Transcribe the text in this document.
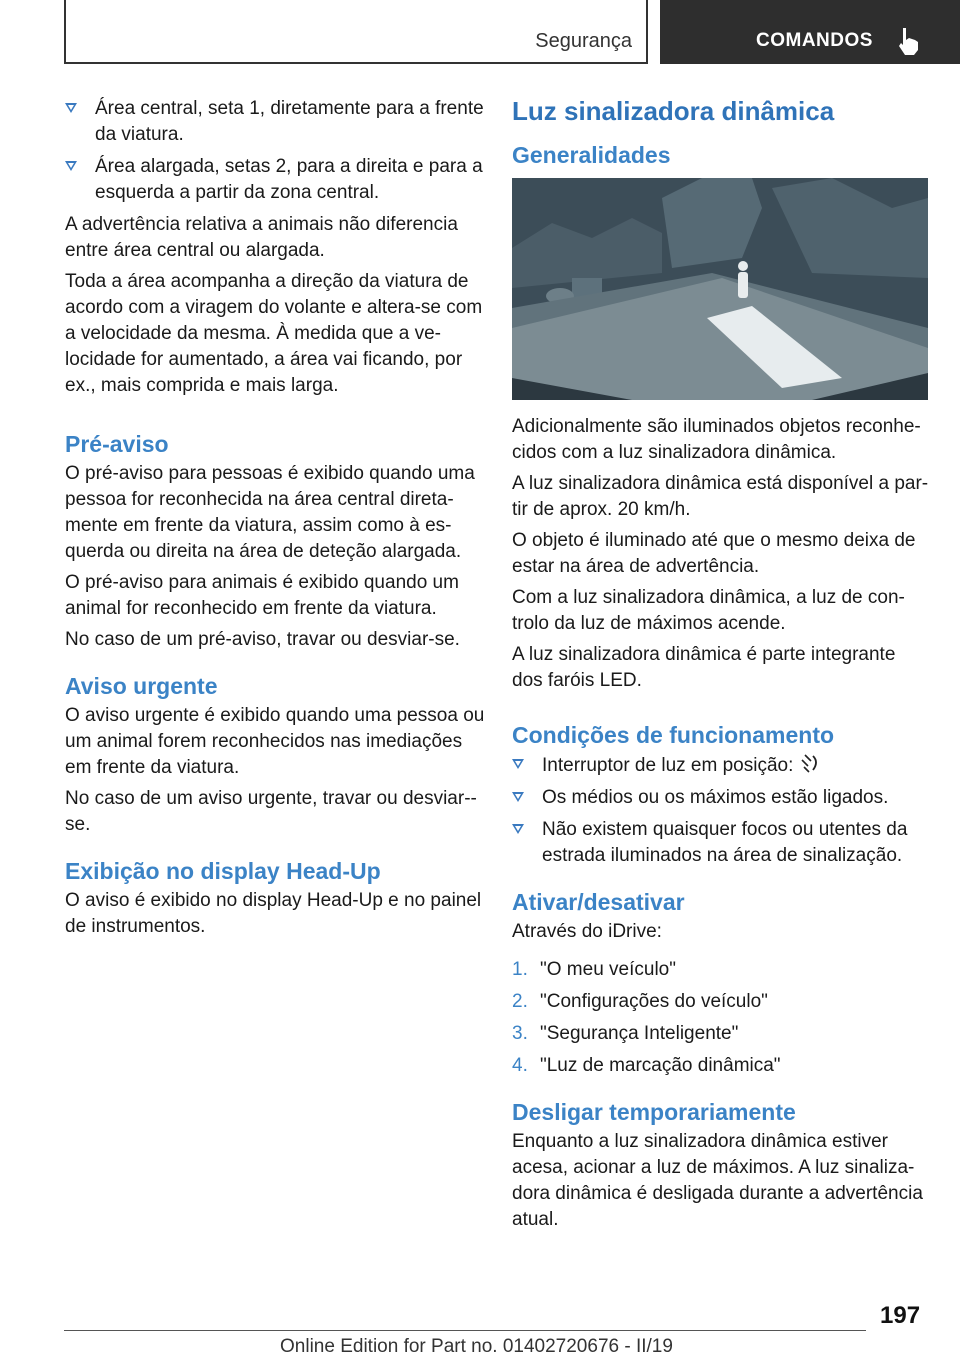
Segurança	COMANDOS
Área central, seta 1, diretamente para a frente da viatura.
Área alargada, setas 2, para a direita e para a esquerda a partir da zona central.

A advertência relativa a animais não diferencia entre área central ou alargada.

Toda a área acompanha a direção da viatura de acordo com a viragem do volante e altera-se com a velocidade da mesma. À medida que a velocidade for aumentado, a área vai ficando, por ex., mais comprida e mais larga.

Pré-aviso

O pré-aviso para pessoas é exibido quando uma pessoa for reconhecida na área central diretamente em frente da viatura, assim como à esquerda ou direita na área de deteção alargada.

O pré-aviso para animais é exibido quando um animal for reconhecido em frente da viatura.

No caso de um pré-aviso, travar ou desviar-se.

Aviso urgente

O aviso urgente é exibido quando uma pessoa ou um animal forem reconhecidos nas imediações em frente da viatura.

No caso de um aviso urgente, travar ou desviar--se.

Exibição no display Head-Up

O aviso é exibido no display Head-Up e no painel de instrumentos.

Luz sinalizadora dinâmica
Generalidades

Adicionalmente são iluminados objetos reconhecidos com a luz sinalizadora dinâmica.

A luz sinalizadora dinâmica está disponível a partir de aprox. 20 km/h.

O objeto é iluminado até que o mesmo deixa de estar na área de advertência.

Com a luz sinalizadora dinâmica, a luz de controlo da luz de máximos acende.

A luz sinalizadora dinâmica é parte integrante dos faróis LED.

Condições de funcionamento
Interruptor de luz em posição:
Os médios ou os máximos estão ligados.
Não existem quaisquer focos ou utentes da estrada iluminados na área de sinalização.
Ativar/desativar

Através do iDrive:

1. "O meu veículo"
2. "Configurações do veículo"
3. "Segurança Inteligente"
4. "Luz de marcação dinâmica"
Desligar temporariamente

Enquanto a luz sinalizadora dinâmica estiver acesa, acionar a luz de máximos. A luz sinalizadora dinâmica é desligada durante a advertência atual.

197
Online Edition for Part no. 01402720676 - II/19
